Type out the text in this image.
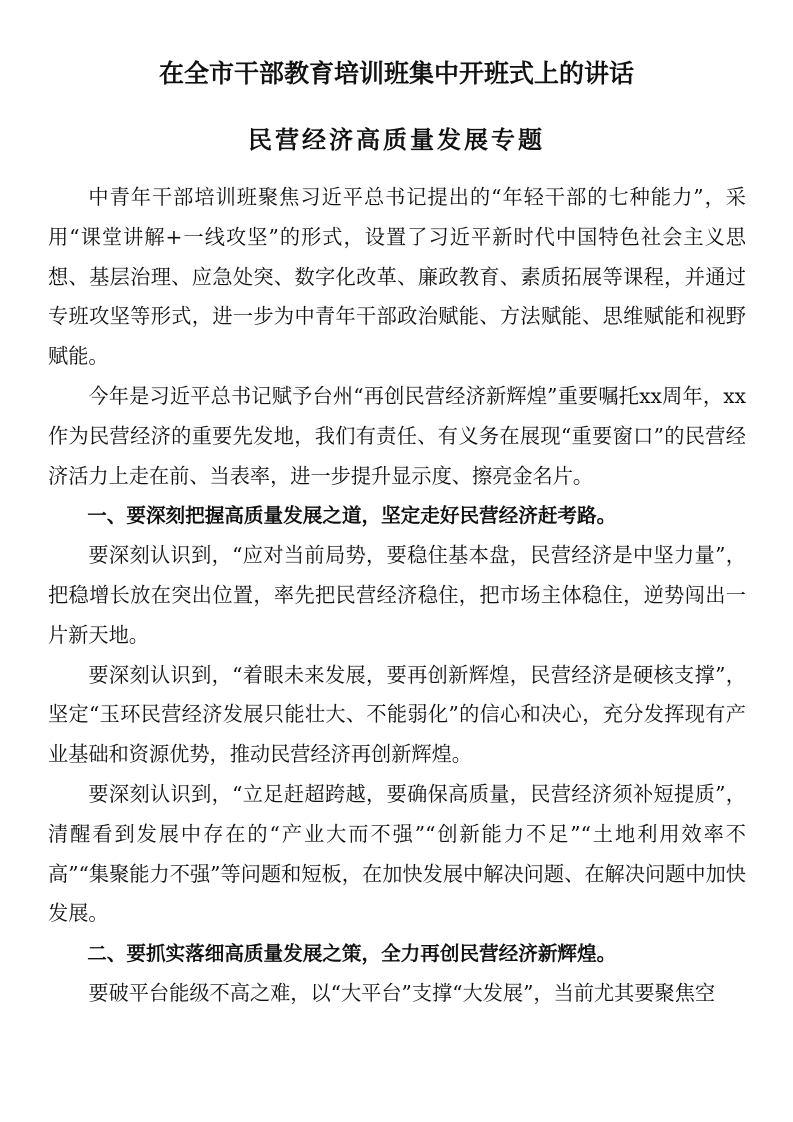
在全市干部教育培训班集中开班式上的讲话
民营经济高质量发展专题

中青年干部培训班聚焦习近平总书记提出的“年轻干部的七种能力”，采用“课堂讲解+一线攻坚”的形式，设置了习近平新时代中国特色社会主义思想、基层治理、应急处突、数字化改革、廉政教育、素质拓展等课程，并通过专班攻坚等形式，进一步为中青年干部政治赋能、方法赋能、思维赋能和视野赋能。

今年是习近平总书记赋予台州“再创民营经济新辉煌”重要嘱托xx周年，xx作为民营经济的重要先发地，我们有责任、有义务在展现“重要窗口”的民营经济活力上走在前、当表率，进一步提升显示度、擦亮金名片。

一、要深刻把握高质量发展之道，坚定走好民营经济赶考路。

要深刻认识到，“应对当前局势，要稳住基本盘，民营经济是中坚力量”，把稳增长放在突出位置，率先把民营经济稳住，把市场主体稳住，逆势闯出一片新天地。

要深刻认识到，“着眼未来发展，要再创新辉煌，民营经济是硬核支撑”，坚定“玉环民营经济发展只能壮大、不能弱化”的信心和决心，充分发挥现有产业基础和资源优势，推动民营经济再创新辉煌。

要深刻认识到，“立足赶超跨越，要确保高质量，民营经济须补短提质”，清醒看到发展中存在的“产业大而不强”“创新能力不足”“土地利用效率不高”“集聚能力不强”等问题和短板，在加快发展中解决问题、在解决问题中加快发展。

二、要抓实落细高质量发展之策，全力再创民营经济新辉煌。

要破平台能级不高之难，以“大平台”支撑“大发展”，当前尤其要聚焦空
